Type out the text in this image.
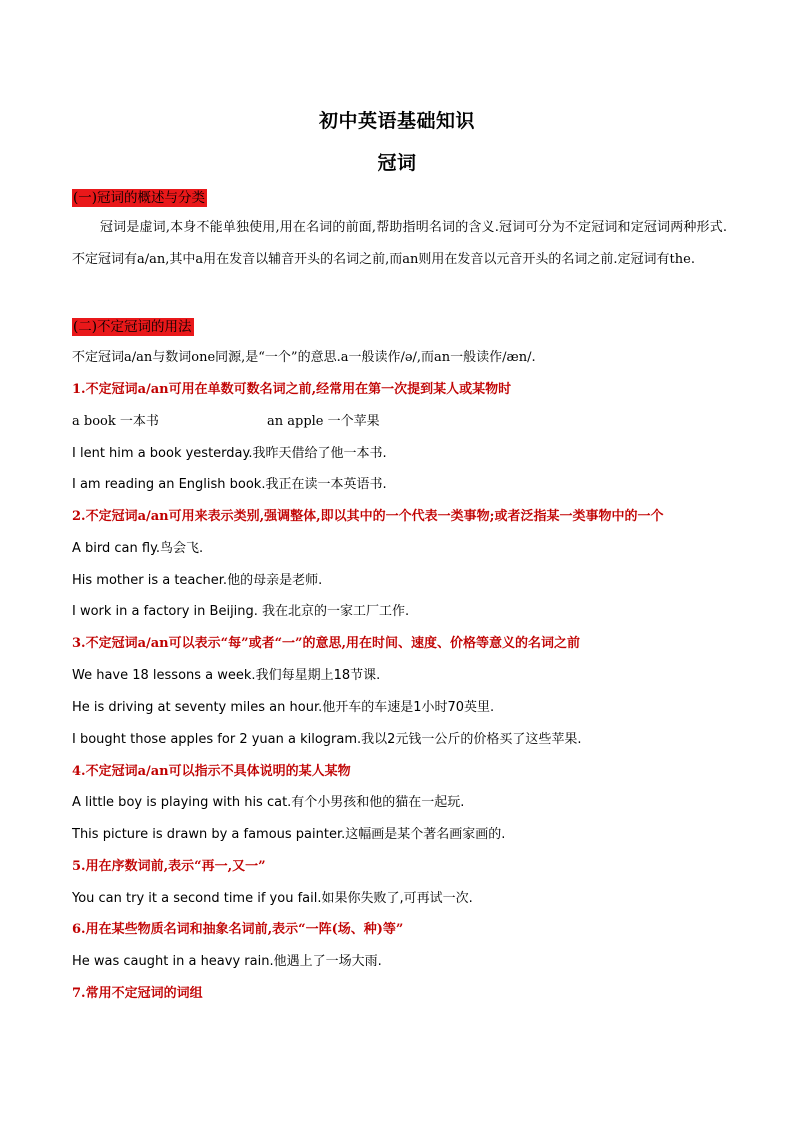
初中英语基础知识
冠词
(一)冠词的概述与分类
冠词是虚词,本身不能单独使用,用在名词的前面,帮助指明名词的含义.冠词可分为不定冠词和定冠词两种形式.不定冠词有a/an,其中a用在发音以辅音开头的名词之前,而an则用在发音以元音开头的名词之前.定冠词有the.
(二)不定冠词的用法
不定冠词a/an与数词one同源,是“一个”的意思.a一般读作/ə/,而an一般读作/æn/.
1.不定冠词a/an可用在单数可数名词之前,经常用在第一次提到某人或某物时
a book 一本书	an apple 一个苹果
I lent him a book yesterday.我昨天借给了他一本书.
I am reading an English book.我正在读一本英语书.
2.不定冠词a/an可用来表示类别,强调整体,即以其中的一个代表一类事物;或者泛指某一类事物中的一个
A bird can fly.鸟会飞.
His mother is a teacher.他的母亲是老师.
I work in a factory in Beijing. 我在北京的一家工厂工作.
3.不定冠词a/an可以表示“每”或者“一”的意思,用在时间、速度、价格等意义的名词之前
We have 18 lessons a week.我们每星期上18节课.
He is driving at seventy miles an hour.他开车的车速是1小时70英里.
I bought those apples for 2 yuan a kilogram.我以2元钱一公斤的价格买了这些苹果.
4.不定冠词a/an可以指示不具体说明的某人某物
A little boy is playing with his cat.有个小男孩和他的猫在一起玩.
This picture is drawn by a famous painter.这幅画是某个著名画家画的.
5.用在序数词前,表示“再一,又一”
You can try it a second time if you fail.如果你失败了,可再试一次.
6.用在某些物质名词和抽象名词前,表示“一阵(场、种)等”
He was caught in a heavy rain.他遇上了一场大雨.
7.常用不定冠词的词组
